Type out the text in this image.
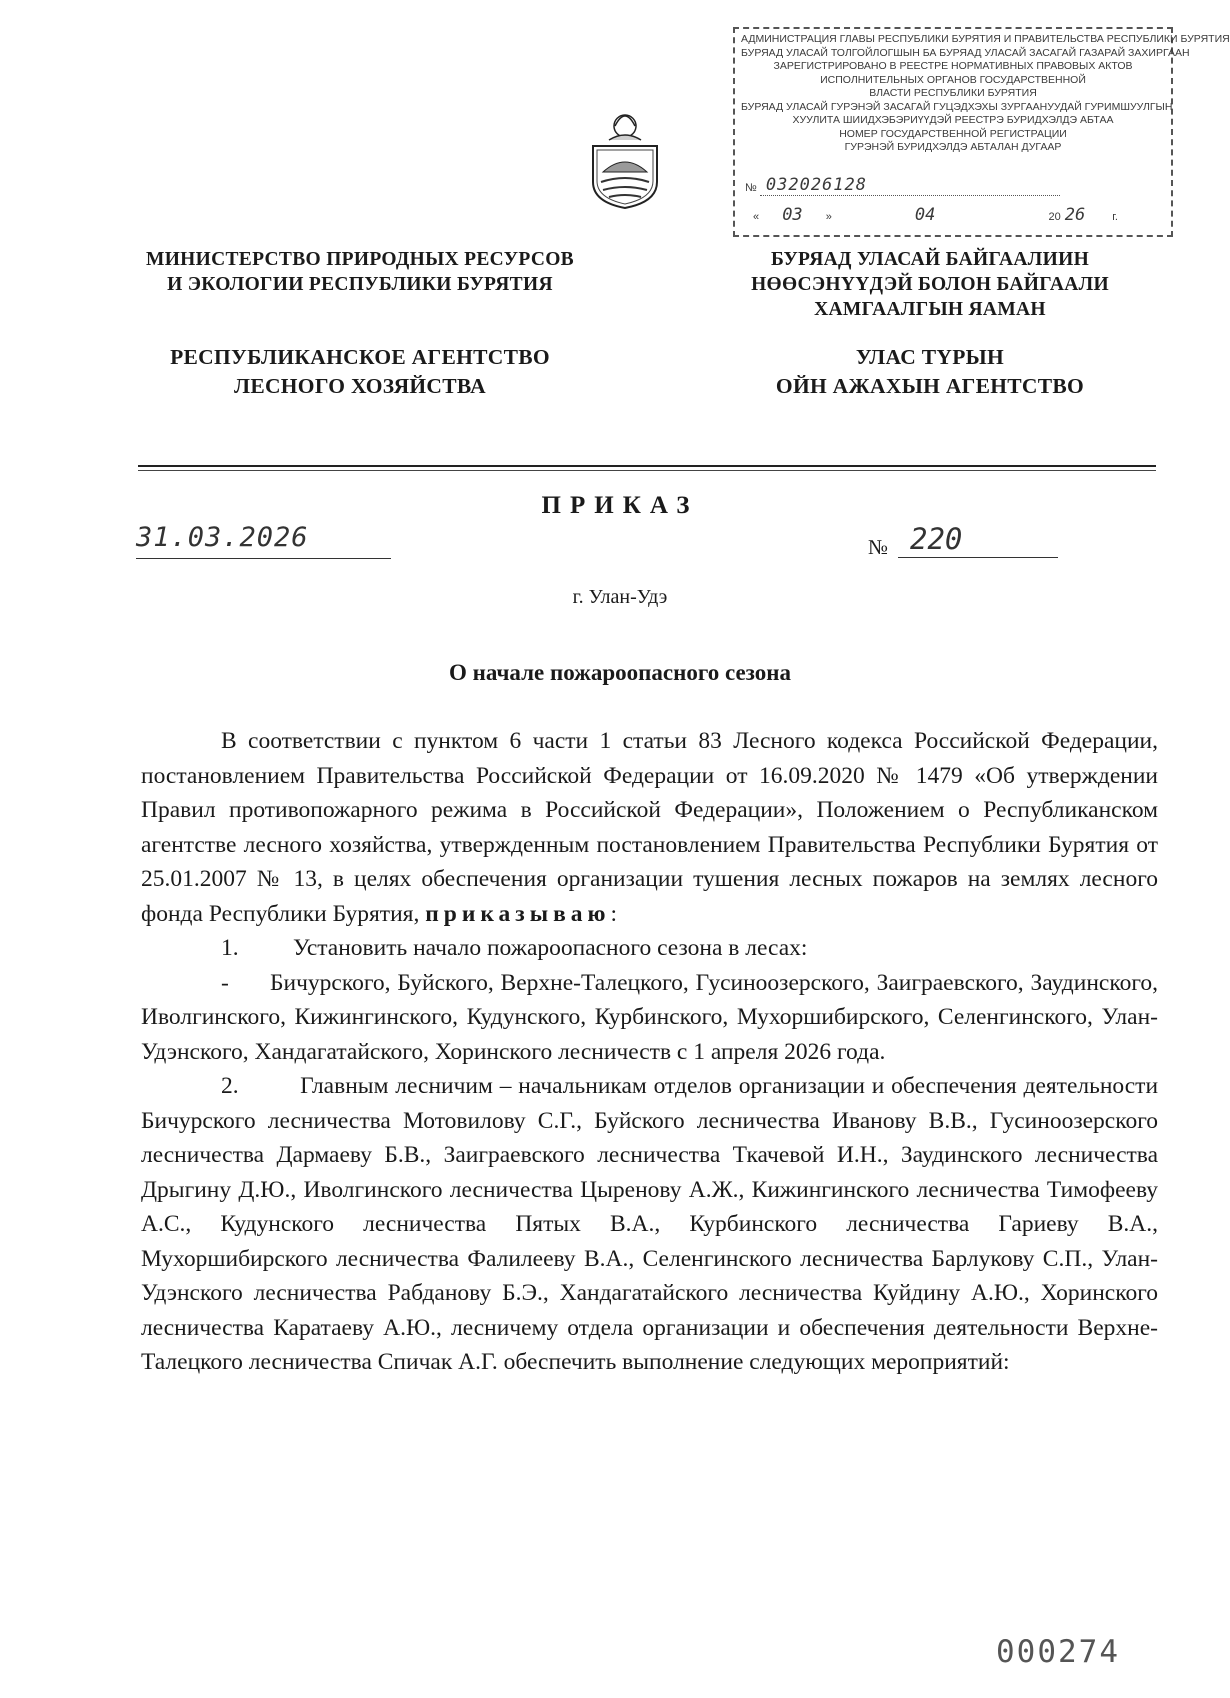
АДМИНИСТРАЦИЯ ГЛАВЫ РЕСПУБЛИКИ БУРЯТИЯ И ПРАВИТЕЛЬСТВА РЕСПУБЛИКИ БУРЯТИЯ
БУРЯАД УЛАСАЙ ТОЛГОЙЛОГШЫН БА БУРЯАД УЛАСАЙ ЗАСАГАЙ ГАЗАРАЙ ЗАХИРГААН
ЗАРЕГИСТРИРОВАНО В РЕЕСТРЕ НОРМАТИВНЫХ ПРАВОВЫХ АКТОВ
ИСПОЛНИТЕЛЬНЫХ ОРГАНОВ ГОСУДАРСТВЕННОЙ
ВЛАСТИ РЕСПУБЛИКИ БУРЯТИЯ
БУРЯАД УЛАСАЙ ГУРЭНЭЙ ЗАСАГАЙ ГУЦЭДХЭХЫ ЗУРГААНУУДАЙ ГУРИМШУУЛГЫН
ХУУЛИТА ШИИДХЭБЭРИҮҮДЭЙ РЕЕСТРЭ БУРИДХЭЛДЭ АБТАА
НОМЕР ГОСУДАРСТВЕННОЙ РЕГИСТРАЦИИ
ГУРЭНЭЙ БУРИДХЭЛДЭ АБТАЛАН ДУГААР
№ 032026128
« 03 »	04	20 26 г.
МИНИСТЕРСТВО ПРИРОДНЫХ РЕСУРСОВ
И ЭКОЛОГИИ РЕСПУБЛИКИ БУРЯТИЯ
БУРЯАД УЛАСАЙ БАЙГААЛИИН
НӨӨСЭНҮҮДЭЙ БОЛОН БАЙГААЛИ
ХАМГААЛГЫН ЯАМАН
РЕСПУБЛИКАНСКОЕ АГЕНТСТВО
ЛЕСНОГО ХОЗЯЙСТВА
УЛАС ТҮРЫН
ОЙН АЖАХЫН АГЕНТСТВО
ПРИКАЗ
31.03.2026	№ 220
г. Улан-Удэ
О начале пожароопасного сезона

В соответствии с пунктом 6 части 1 статьи 83 Лесного кодекса Российской Федерации, постановлением Правительства Российской Федерации от 16.09.2020 № 1479 «Об утверждении Правил противопожарного режима в Российской Федерации», Положением о Республиканском агентстве лесного хозяйства, утвержденным постановлением Правительства Республики Бурятия от 25.01.2007 № 13, в целях обеспечения организации тушения лесных пожаров на землях лесного фонда Республики Бурятия, приказываю:

1.	Установить начало пожароопасного сезона в лесах:

- Бичурского, Буйского, Верхне-Талецкого, Гусиноозерского, Заиграевского, Заудинского, Иволгинского, Кижингинского, Кудунского, Курбинского, Мухоршибирского, Селенгинского, Улан-Удэнского, Хандагатайского, Хоринского лесничеств с 1 апреля 2026 года.

2.	Главным лесничим – начальникам отделов организации и обеспечения деятельности Бичурского лесничества Мотовилову С.Г., Буйского лесничества Иванову В.В., Гусиноозерского лесничества Дармаеву Б.В., Заиграевского лесничества Ткачевой И.Н., Заудинского лесничества Дрыгину Д.Ю., Иволгинского лесничества Цыренову А.Ж., Кижингинского лесничества Тимофееву А.С., Кудунского лесничества Пятых В.А., Курбинского лесничества Гариеву В.А., Мухоршибирского лесничества Фалилееву В.А., Селенгинского лесничества Барлукову С.П., Улан-Удэнского лесничества Рабданову Б.Э., Хандагатайского лесничества Куйдину А.Ю., Хоринского лесничества Каратаеву А.Ю., лесничему отдела организации и обеспечения деятельности Верхне-Талецкого лесничества Спичак А.Г. обеспечить выполнение следующих мероприятий:

000274
